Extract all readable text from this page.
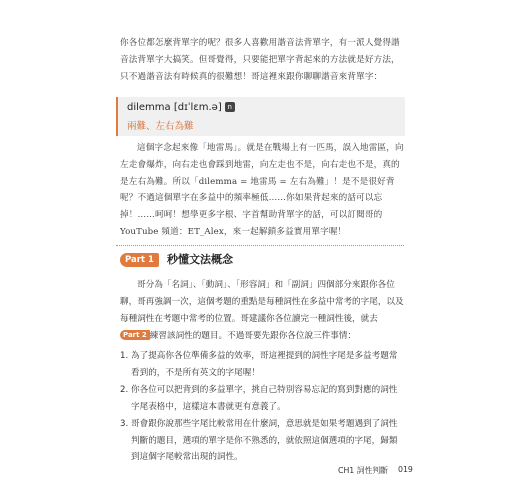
你各位都怎麼背單字的呢？很多人喜歡用諧音法背單字，有一派人覺得諧音法背單字大搞笑。但哥覺得，只要能把單字背起來的方法就是好方法，只不過諧音法有時候真的很難想！哥這裡來跟你聊聊諧音來背單字：

dilemma [dɪˈlɛm.ə] n
兩難、左右為難

這個字念起來像「地雷馬」。就是在戰場上有一匹馬，誤入地雷區，向左走會爆炸，向右走也會踩到地雷，向左走也不是，向右走也不是，真的是左右為難。所以「dilemma = 地雷馬 = 左右為難」！是不是很好背呢？不過這個單字在多益中的頻率極低……你如果背起來的話可以忘掉！……呵呵！想學更多字根、字首幫助背單字的話，可以訂閱哥的 YouTube 頻道：ET_Alex，來一起解鎖多益實用單字喔！

Part 1	秒懂文法概念

哥分為「名詞」、「動詞」、「形容詞」和「副詞」四個部分來跟你各位聊，哥再強調一次，這個考題的重點是每種詞性在多益中常考的字尾，以及每種詞性在考題中常考的位置。哥建議你各位讀完一種詞性後，就去Part 2 練習該詞性的題目。不過哥要先跟你各位說三件事情：

1. 為了提高你各位準備多益的效率，哥這裡提到的詞性字尾是多益考題常看到的，不是所有英文的字尾喔！
2. 你各位可以把背到的多益單字，挑自己特別容易忘記的寫到對應的詞性字尾表格中，這樣這本書就更有意義了。
3. 哥會跟你說那些字尾比較常用在什麼詞，意思就是如果考題遇到了詞性判斷的題目，選項的單字是你不熟悉的，就依照這個選項的字尾，歸類到這個字尾較常出現的詞性。
CH1 詞性判斷 019
